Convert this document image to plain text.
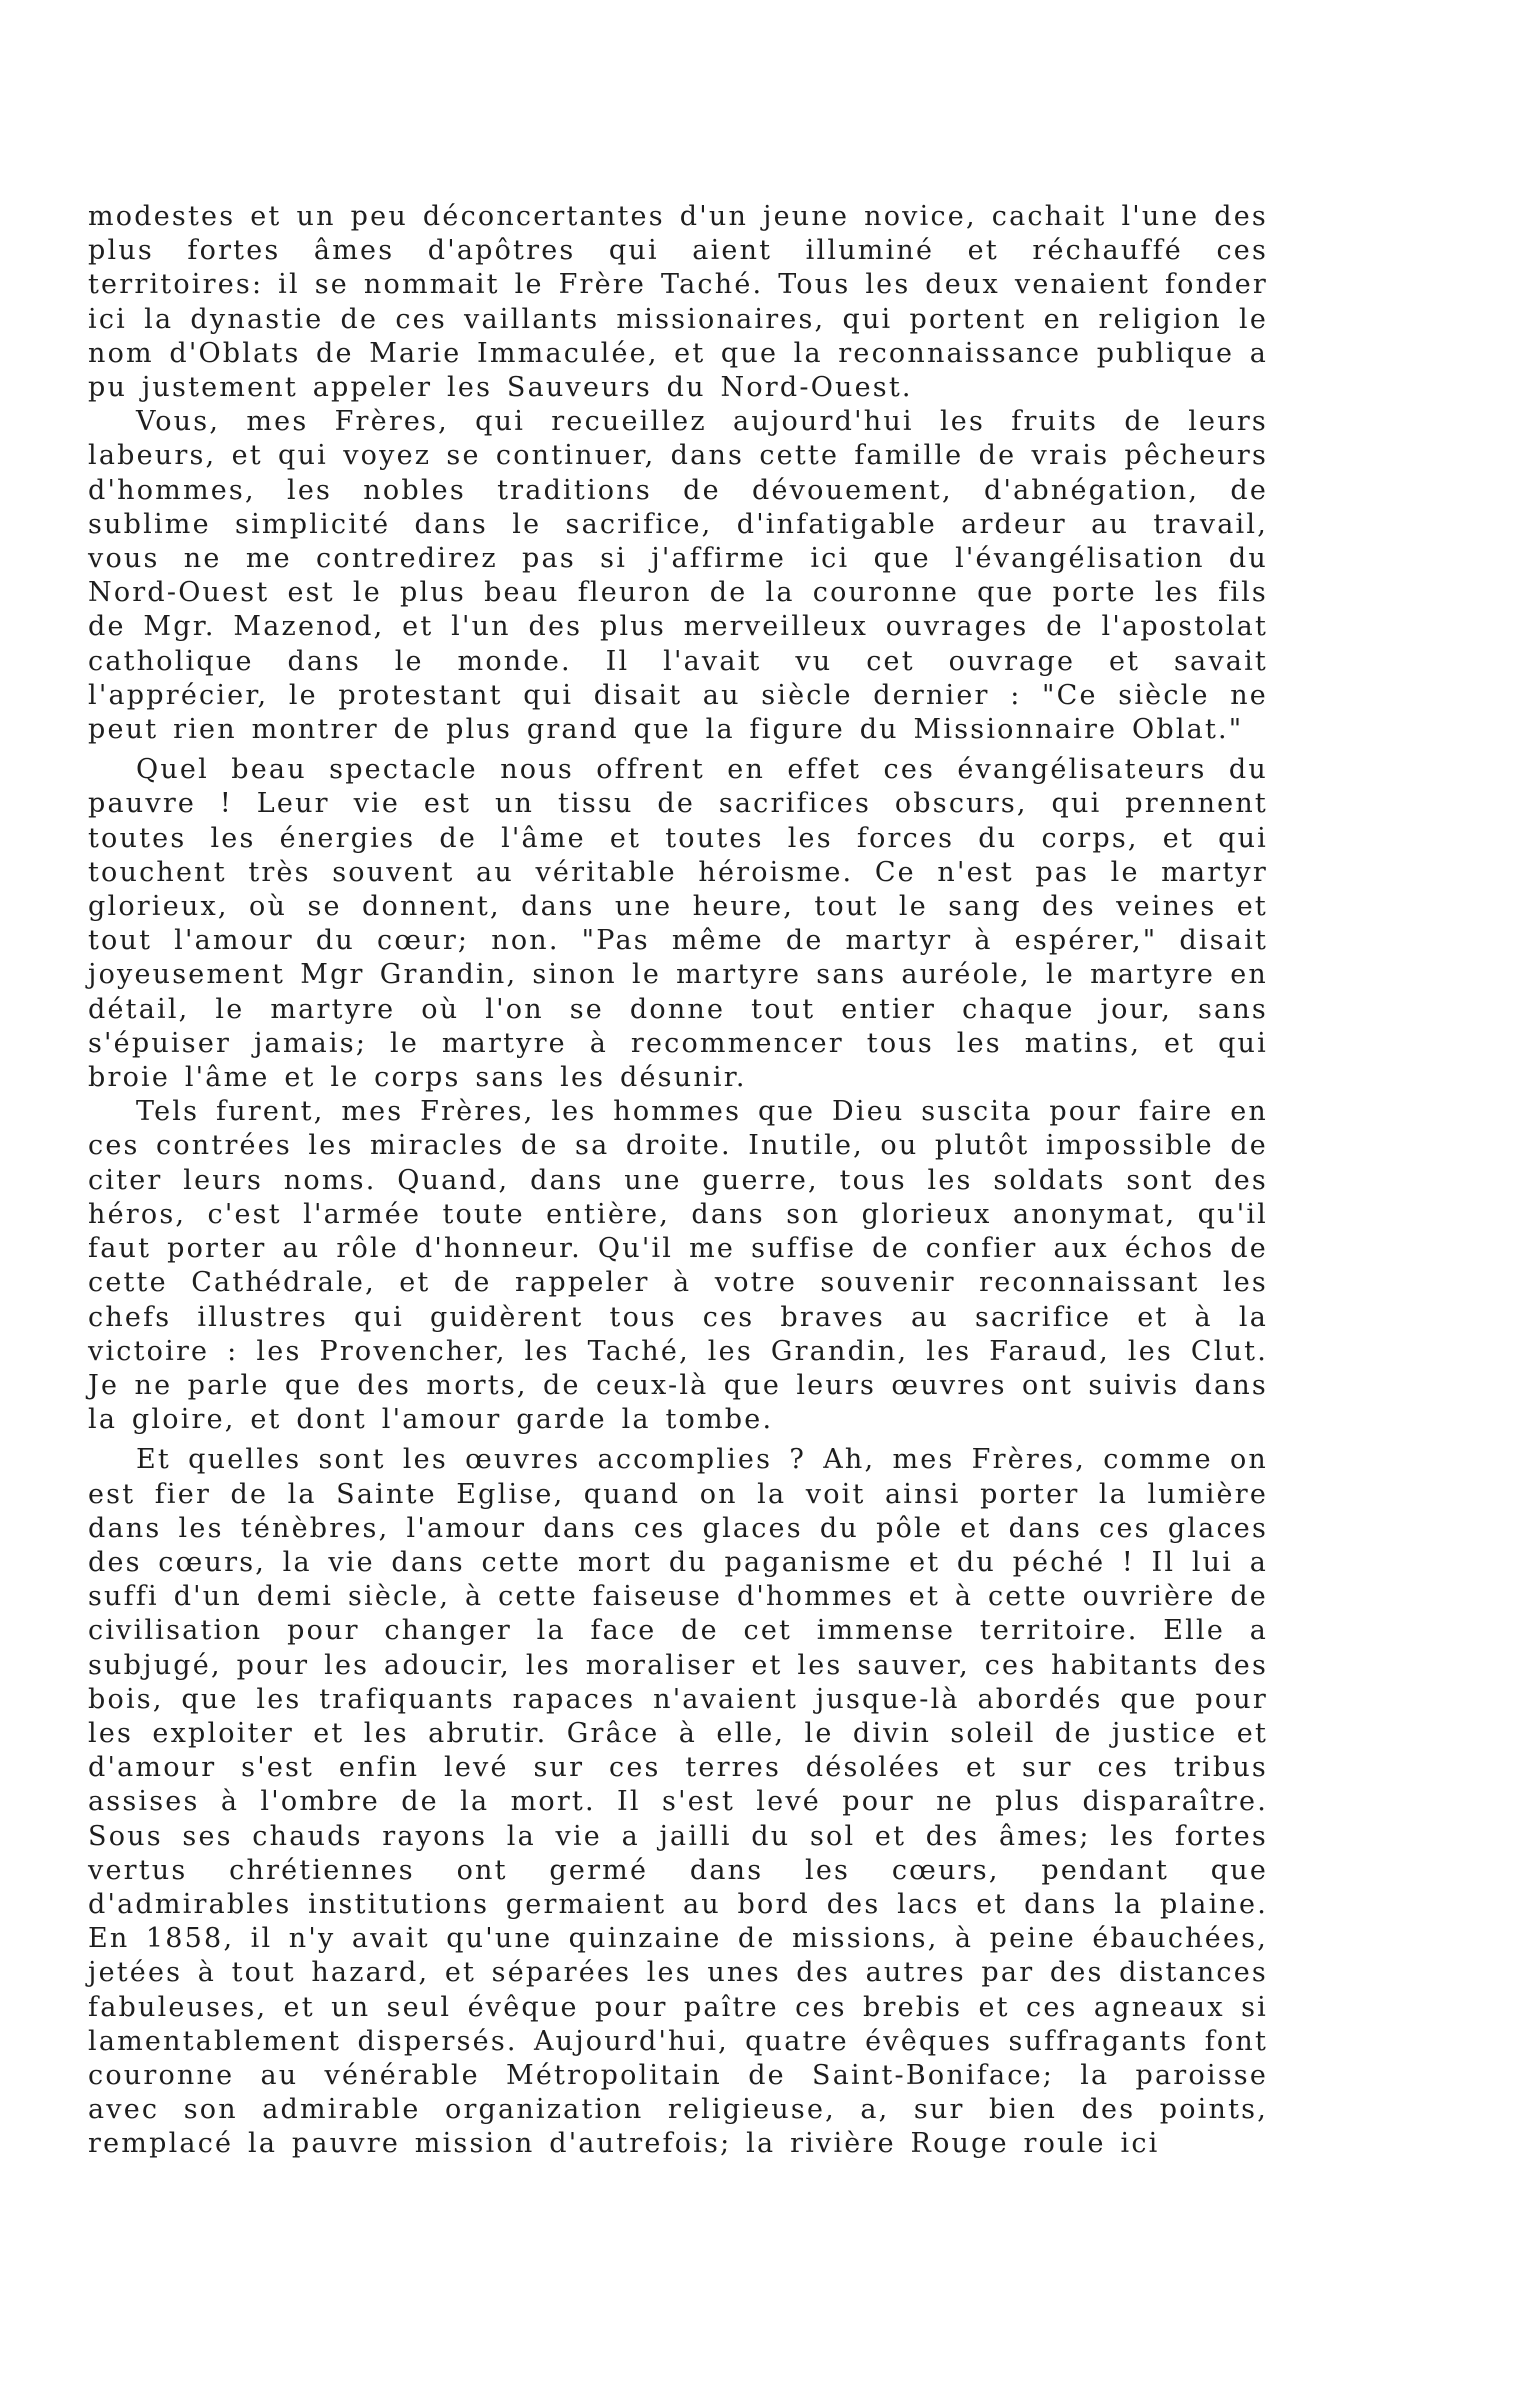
modestes et un peu déconcertantes d'un jeune novice, cachait l'une des plus fortes âmes d'apôtres qui aient illuminé et réchauffé ces territoires: il se nommait le Frère Taché. Tous les deux venaient fonder ici la dynastie de ces vaillants missionaires, qui portent en religion le nom d'Oblats de Marie Immaculée, et que la reconnaissance publique a pu justement appeler les Sauveurs du Nord-Ouest.

Vous, mes Frères, qui recueillez aujourd'hui les fruits de leurs labeurs, et qui voyez se continuer, dans cette famille de vrais pêcheurs d'hommes, les nobles traditions de dévouement, d'abnégation, de sublime simplicité dans le sacrifice, d'infatigable ardeur au travail, vous ne me contredirez pas si j'affirme ici que l'évangélisation du Nord-Ouest est le plus beau fleuron de la couronne que porte les fils de Mgr. Mazenod, et l'un des plus merveilleux ouvrages de l'apostolat catholique dans le monde. Il l'avait vu cet ouvrage et savait l'apprécier, le protestant qui disait au siècle dernier : "Ce siècle ne peut rien montrer de plus grand que la figure du Missionnaire Oblat."

Quel beau spectacle nous offrent en effet ces évangélisateurs du pauvre ! Leur vie est un tissu de sacrifices obscurs, qui prennent toutes les énergies de l'âme et toutes les forces du corps, et qui touchent très souvent au véritable héroisme. Ce n'est pas le martyr glorieux, où se donnent, dans une heure, tout le sang des veines et tout l'amour du cœur; non. "Pas même de martyr à espérer," disait joyeusement Mgr Grandin, sinon le martyre sans auréole, le martyre en détail, le martyre où l'on se donne tout entier chaque jour, sans s'épuiser jamais; le martyre à recommencer tous les matins, et qui broie l'âme et le corps sans les désunir.

Tels furent, mes Frères, les hommes que Dieu suscita pour faire en ces contrées les miracles de sa droite. Inutile, ou plutôt impossible de citer leurs noms. Quand, dans une guerre, tous les soldats sont des héros, c'est l'armée toute entière, dans son glorieux anonymat, qu'il faut porter au rôle d'honneur. Qu'il me suffise de confier aux échos de cette Cathédrale, et de rappeler à votre souvenir reconnaissant les chefs illustres qui guidèrent tous ces braves au sacrifice et à la victoire : les Provencher, les Taché, les Grandin, les Faraud, les Clut. Je ne parle que des morts, de ceux-là que leurs œuvres ont suivis dans la gloire, et dont l'amour garde la tombe.

Et quelles sont les œuvres accomplies ? Ah, mes Frères, comme on est fier de la Sainte Eglise, quand on la voit ainsi porter la lumière dans les ténèbres, l'amour dans ces glaces du pôle et dans ces glaces des cœurs, la vie dans cette mort du paganisme et du péché ! Il lui a suffi d'un demi siècle, à cette faiseuse d'hommes et à cette ouvrière de civilisation pour changer la face de cet immense territoire. Elle a subjugé, pour les adoucir, les moraliser et les sauver, ces habitants des bois, que les trafiquants rapaces n'avaient jusque-là abordés que pour les exploiter et les abrutir. Grâce à elle, le divin soleil de justice et d'amour s'est enfin levé sur ces terres désolées et sur ces tribus assises à l'ombre de la mort. Il s'est levé pour ne plus disparaître. Sous ses chauds rayons la vie a jailli du sol et des âmes; les fortes vertus chrétiennes ont germé dans les cœurs, pendant que d'admirables institutions germaient au bord des lacs et dans la plaine. En 1858, il n'y avait qu'une quinzaine de missions, à peine ébauchées, jetées à tout hazard, et séparées les unes des autres par des distances fabuleuses, et un seul évêque pour paître ces brebis et ces agneaux si lamentablement dispersés. Aujourd'hui, quatre évêques suffragants font couronne au vénérable Métropolitain de Saint-Boniface; la paroisse avec son admirable organization religieuse, a, sur bien des points, remplacé la pauvre mission d'autrefois; la rivière Rouge roule ici
